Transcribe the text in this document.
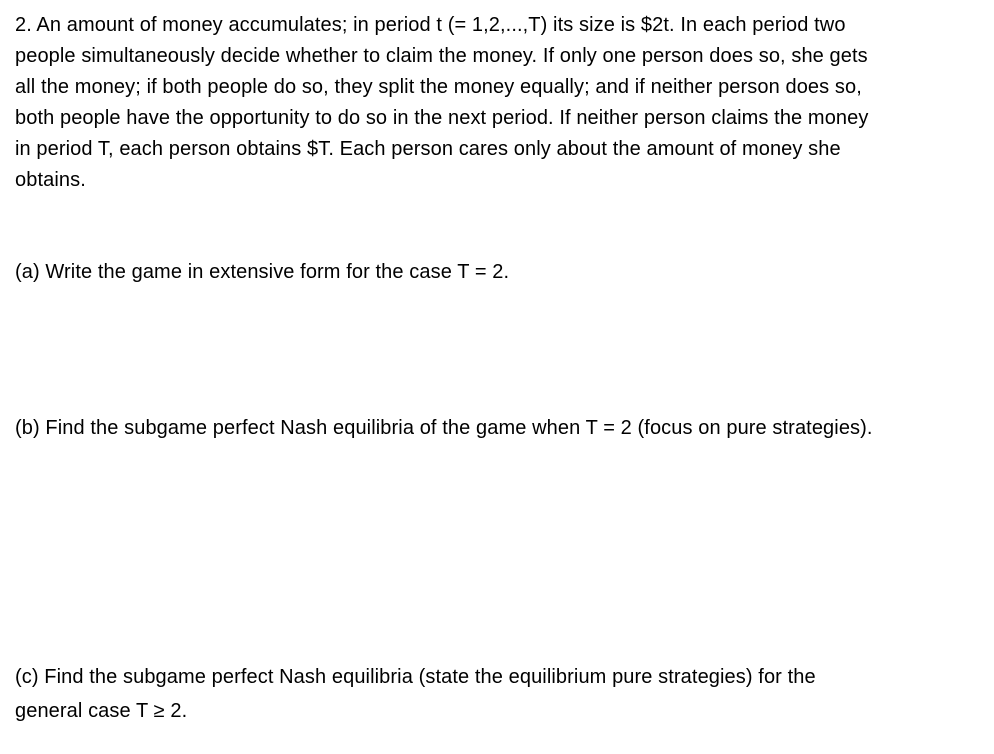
2. An amount of money accumulates; in period t (= 1,2,...,T) its size is $2t. In each period two
people simultaneously decide whether to claim the money. If only one person does so, she gets
all the money; if both people do so, they split the money equally; and if neither person does so,
both people have the opportunity to do so in the next period. If neither person claims the money
in period T, each person obtains $T. Each person cares only about the amount of money she
obtains.
(a) Write the game in extensive form for the case T = 2.
(b) Find the subgame perfect Nash equilibria of the game when T = 2 (focus on pure strategies).
(c) Find the subgame perfect Nash equilibria (state the equilibrium pure strategies) for the
general case T ≥ 2.
